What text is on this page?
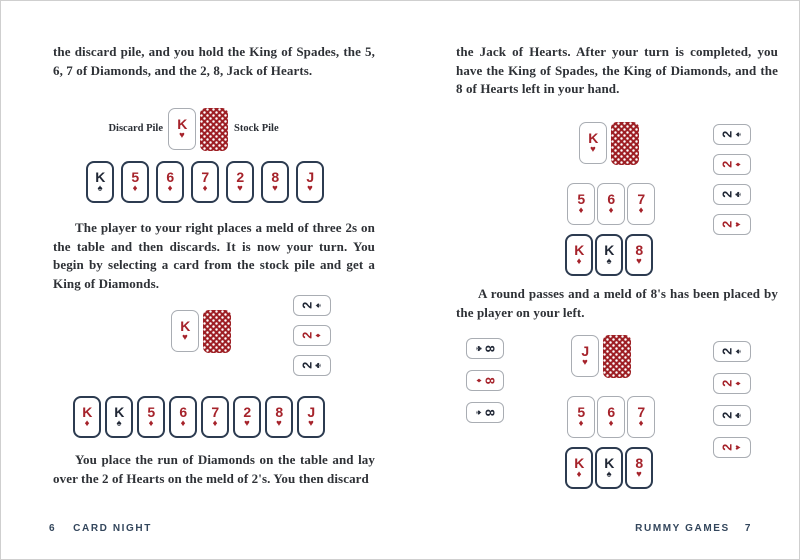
the discard pile, and you hold the King of Spades, the 5, 6, 7 of Diamonds, and the 2, 8, Jack of Hearts.

Discard Pile K
♥
Stock Pile
K
♠
5
♦
6
♦
7
♦
2
♥
8
♥
J
♥

The player to your right places a meld of three 2s on the table and then discards. It is now your turn. You begin by selecting a card from the stock pile and get a King of Diamonds.

K
♥
2
♠
2
♦
2
♣
K
♦
K
♠
5
♦
6
♦
7
♦
2
♥
8
♥
J
♥

You place the run of Diamonds on the table and lay over the 2 of Hearts on the meld of 2's. You then discard

6 CARD NIGHT

the Jack of Hearts. After your turn is completed, you have the King of Spades, the King of Diamonds, and the 8 of Hearts left in your hand.

K
♥
2
♠
2
♦
2
♣
2
♥
5
♦
6
♦
7
♦
K
♦
K
♠
8
♥

A round passes and a meld of 8's has been placed by the player on your left.

8
♣
8
♦
8
♠
J
♥
2
♠
2
♦
2
♣
2
♥
5
♦
6
♦
7
♦
K
♦
K
♠
8
♥
RUMMY GAMES 7
